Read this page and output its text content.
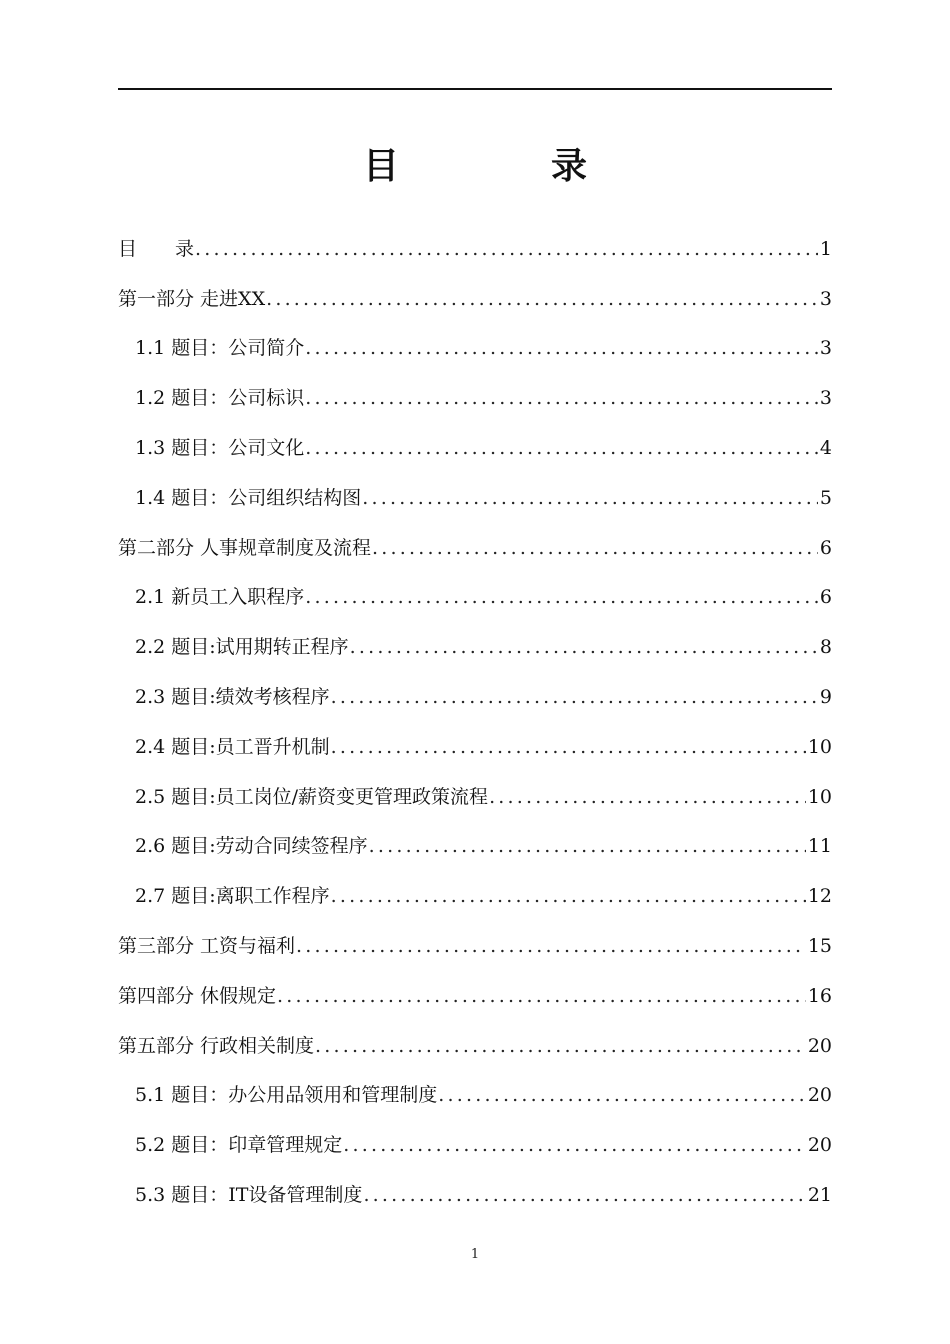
目　录
目　　录 .....	1
第一部分 走进XX .....	3
1.1 题目：公司简介 .....	3
1.2 题目：公司标识 .....	3
1.3 题目：公司文化 .....	4
1.4 题目：公司组织结构图 .....	5
第二部分 人事规章制度及流程 .....	6
2.1 新员工入职程序 .....	6
2.2 题目:试用期转正程序 .....	8
2.3 题目:绩效考核程序 .....	9
2.4 题目:员工晋升机制 .....	10
2.5 题目:员工岗位/薪资变更管理政策流程 .....	10
2.6 题目:劳动合同续签程序 .....	11
2.7 题目:离职工作程序 .....	12
第三部分 工资与福利 .....	15
第四部分 休假规定 .....	16
第五部分 行政相关制度 .....	20
5.1 题目：办公用品领用和管理制度 .....	20
5.2 题目：印章管理规定 .....	20
5.3 题目：IT设备管理制度 .....	21
1
